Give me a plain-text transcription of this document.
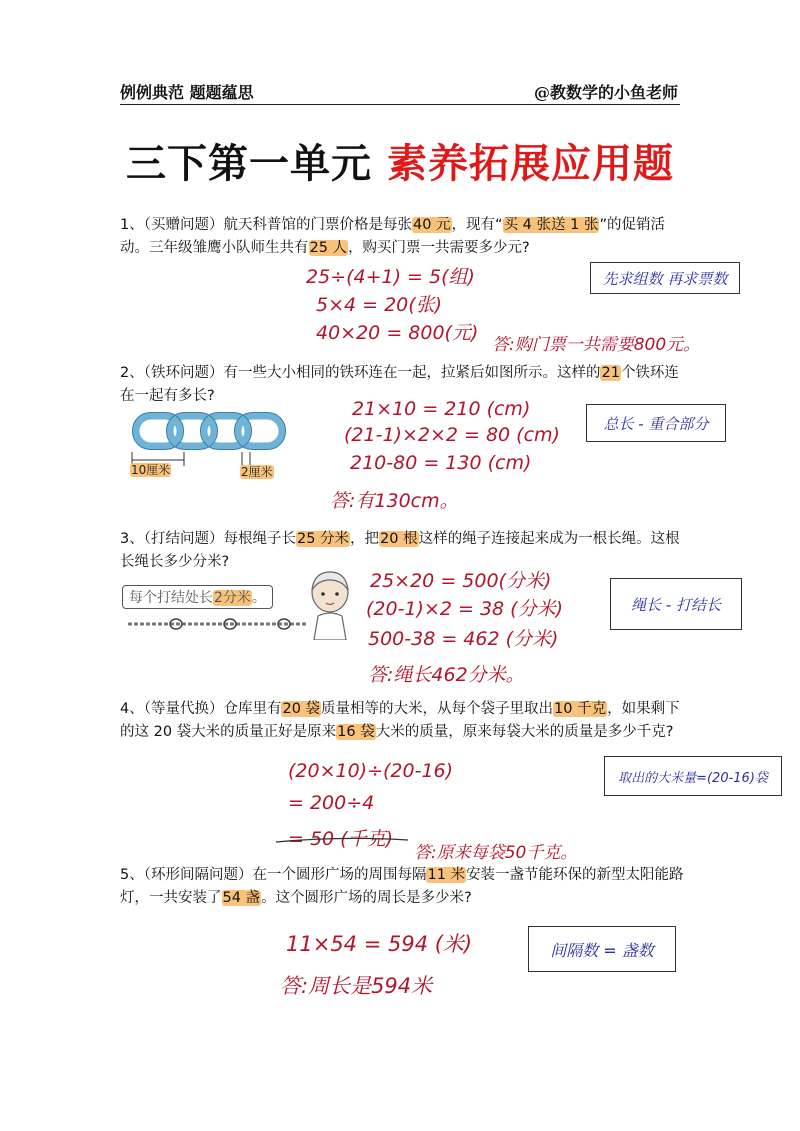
例例典范 题题蕴思	@教数学的小鱼老师
三下第一单元 素养拓展应用题
1、（买赠问题）航天科普馆的门票价格是每张40 元，现有“买 4 张送 1 张”的促销活动。三年级雏鹰小队师生共有25 人，购买门票一共需要多少元?
25÷(4+1) = 5(组)
5×4 = 20(张)
40×20 = 800(元)
答:购门票一共需要800元。
先求组数 再求票数
2、（铁环问题）有一些大小相同的铁环连在一起，拉紧后如图所示。这样的21个铁环连在一起有多长?
10厘米	2厘米
21×10 = 210 (cm)
(21-1)×2×2 = 80 (cm)
210-80 = 130 (cm)
答:有130cm。
总长 - 重合部分
3、（打结问题）每根绳子长25 分米，把20 根这样的绳子连接起来成为一根长绳。这根长绳长多少分米?
每个打结处长2分米。
25×20 = 500(分米)
(20-1)×2 = 38 (分米)
500-38 = 462 (分米)
答:绳长462分米。
绳长 - 打结长
4、（等量代换）仓库里有20 袋质量相等的大米，从每个袋子里取出10 千克，如果剩下的这 20 袋大米的质量正好是原来16 袋大米的质量，原来每袋大米的质量是多少千克?
(20×10)÷(20-16)
= 200÷4
= 50 (千克)
答:原来每袋50千克。
取出的大米量=(20-16)袋
5、（环形间隔问题）在一个圆形广场的周围每隔11 米安装一盏节能环保的新型太阳能路灯，一共安装了54 盏。这个圆形广场的周长是多少米?
11×54 = 594 (米)
答:周长是594米
间隔数 = 盏数
